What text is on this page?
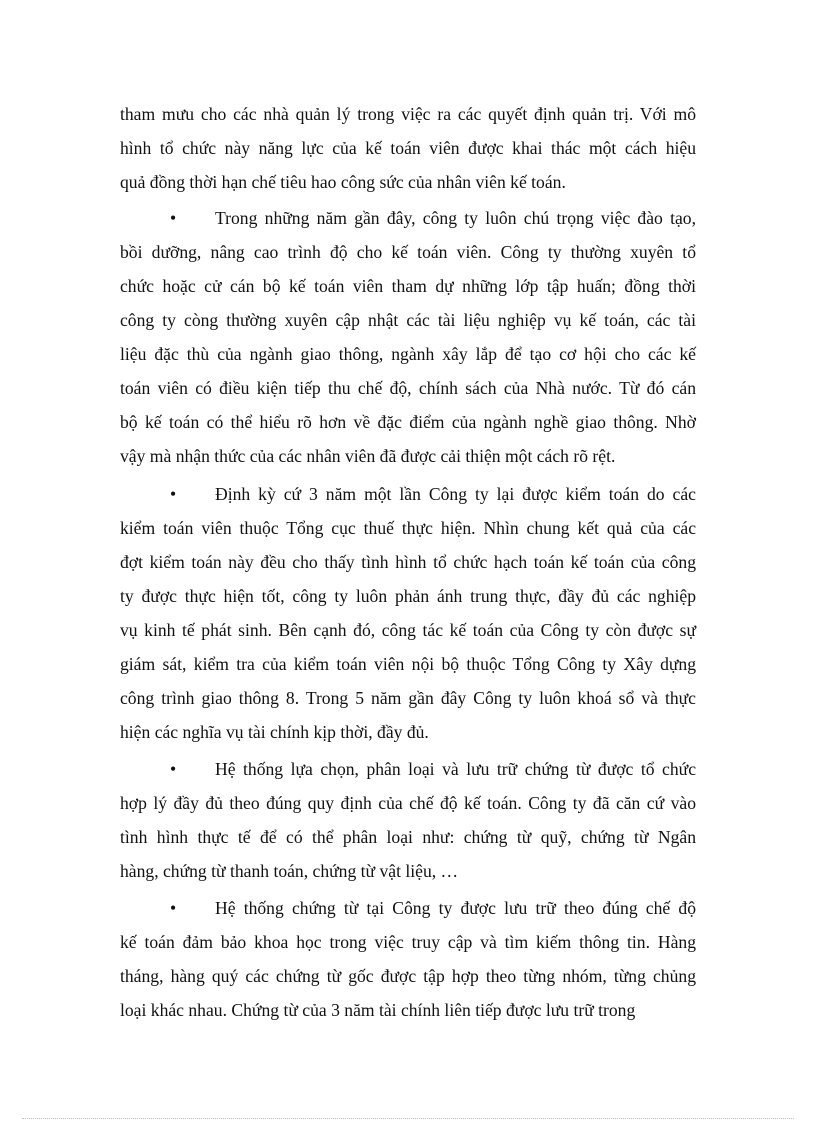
tham mưu cho các nhà quản lý trong việc ra các quyết định quản trị. Với mô
hình tổ chức này năng lực của kế toán viên được khai thác một cách hiệu
quả đồng thời hạn chế tiêu hao công sức của nhân viên kế toán.
• Trong những năm gần đây, công ty luôn chú trọng việc đào tạo,
bồi dưỡng, nâng cao trình độ cho kế toán viên. Công ty thường xuyên tổ
chức hoặc cử cán bộ kế toán viên tham dự những lớp tập huấn; đồng thời
công ty còng thường xuyên cập nhật các tài liệu nghiệp vụ kế toán, các tài
liệu đặc thù của ngành giao thông, ngành xây lắp để tạo cơ hội cho các kế
toán viên có điều kiện tiếp thu chế độ, chính sách của Nhà nước. Từ đó cán
bộ kế toán có thể hiểu rõ hơn về đặc điểm của ngành nghề giao thông. Nhờ
vậy mà nhận thức của các nhân viên đã được cải thiện một cách rõ rệt.
• Định kỳ cứ 3 năm một lần Công ty lại được kiểm toán do các
kiểm toán viên thuộc Tổng cục thuế thực hiện. Nhìn chung kết quả của các
đợt kiểm toán này đều cho thấy tình hình tổ chức hạch toán kế toán của công
ty được thực hiện tốt, công ty luôn phản ánh trung thực, đầy đủ các nghiệp
vụ kinh tế phát sinh. Bên cạnh đó, công tác kế toán của Công ty còn được sự
giám sát, kiểm tra của kiểm toán viên nội bộ thuộc Tổng Công ty Xây dựng
công trình giao thông 8. Trong 5 năm gần đây Công ty luôn khoá sổ và thực
hiện các nghĩa vụ tài chính kịp thời, đầy đủ.
• Hệ thống lựa chọn, phân loại và lưu trữ chứng từ được tổ chức
hợp lý đầy đủ theo đúng quy định của chế độ kế toán. Công ty đã căn cứ vào
tình hình thực tế để có thể phân loại như: chứng từ quỹ, chứng từ Ngân
hàng, chứng từ thanh toán, chứng từ vật liệu, …
• Hệ thống chứng từ tại Công ty được lưu trữ theo đúng chế độ
kế toán đảm bảo khoa học trong việc truy cập và tìm kiếm thông tin. Hàng
tháng, hàng quý các chứng từ gốc được tập hợp theo từng nhóm, từng chủng
loại khác nhau. Chứng từ của 3 năm tài chính liên tiếp được lưu trữ trong
